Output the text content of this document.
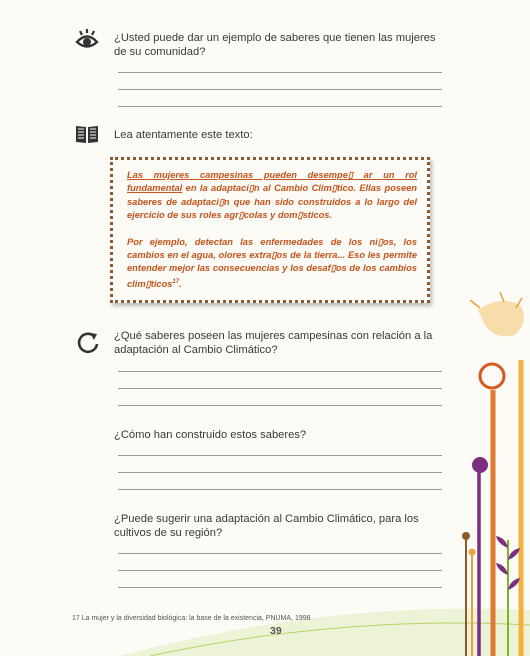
¿Usted puede dar un ejemplo de saberes que tienen las mujeres de su comunidad?
Lea atentamente este texto:

Las mujeres campesinas pueden desempe▯ ar un rol fundamental en la adaptaci▯n al Cambio Clim▯tico. Ellas poseen saberes de adaptaci▯n que han sido construidos a lo largo del ejercicio de sus roles agr▯colas y dom▯sticos.

Por ejemplo, detectan las enfermedades de los ni▯os, los cambios en el agua, olores extra▯os de la tierra... Eso les permite entender mejor las consecuencias y los desaf▯os de los cambios clim▯ticos$^{17}$.

¿Qué saberes poseen las mujeres campesinas con relación a la adaptación al Cambio Climático?
¿Cómo han construido estos saberes?
¿Puede sugerir una adaptación al Cambio Climático, para los cultivos de su región?
17 La mujer y la diversidad biológica: la base de la existencia, PNUMA, 1998
39
